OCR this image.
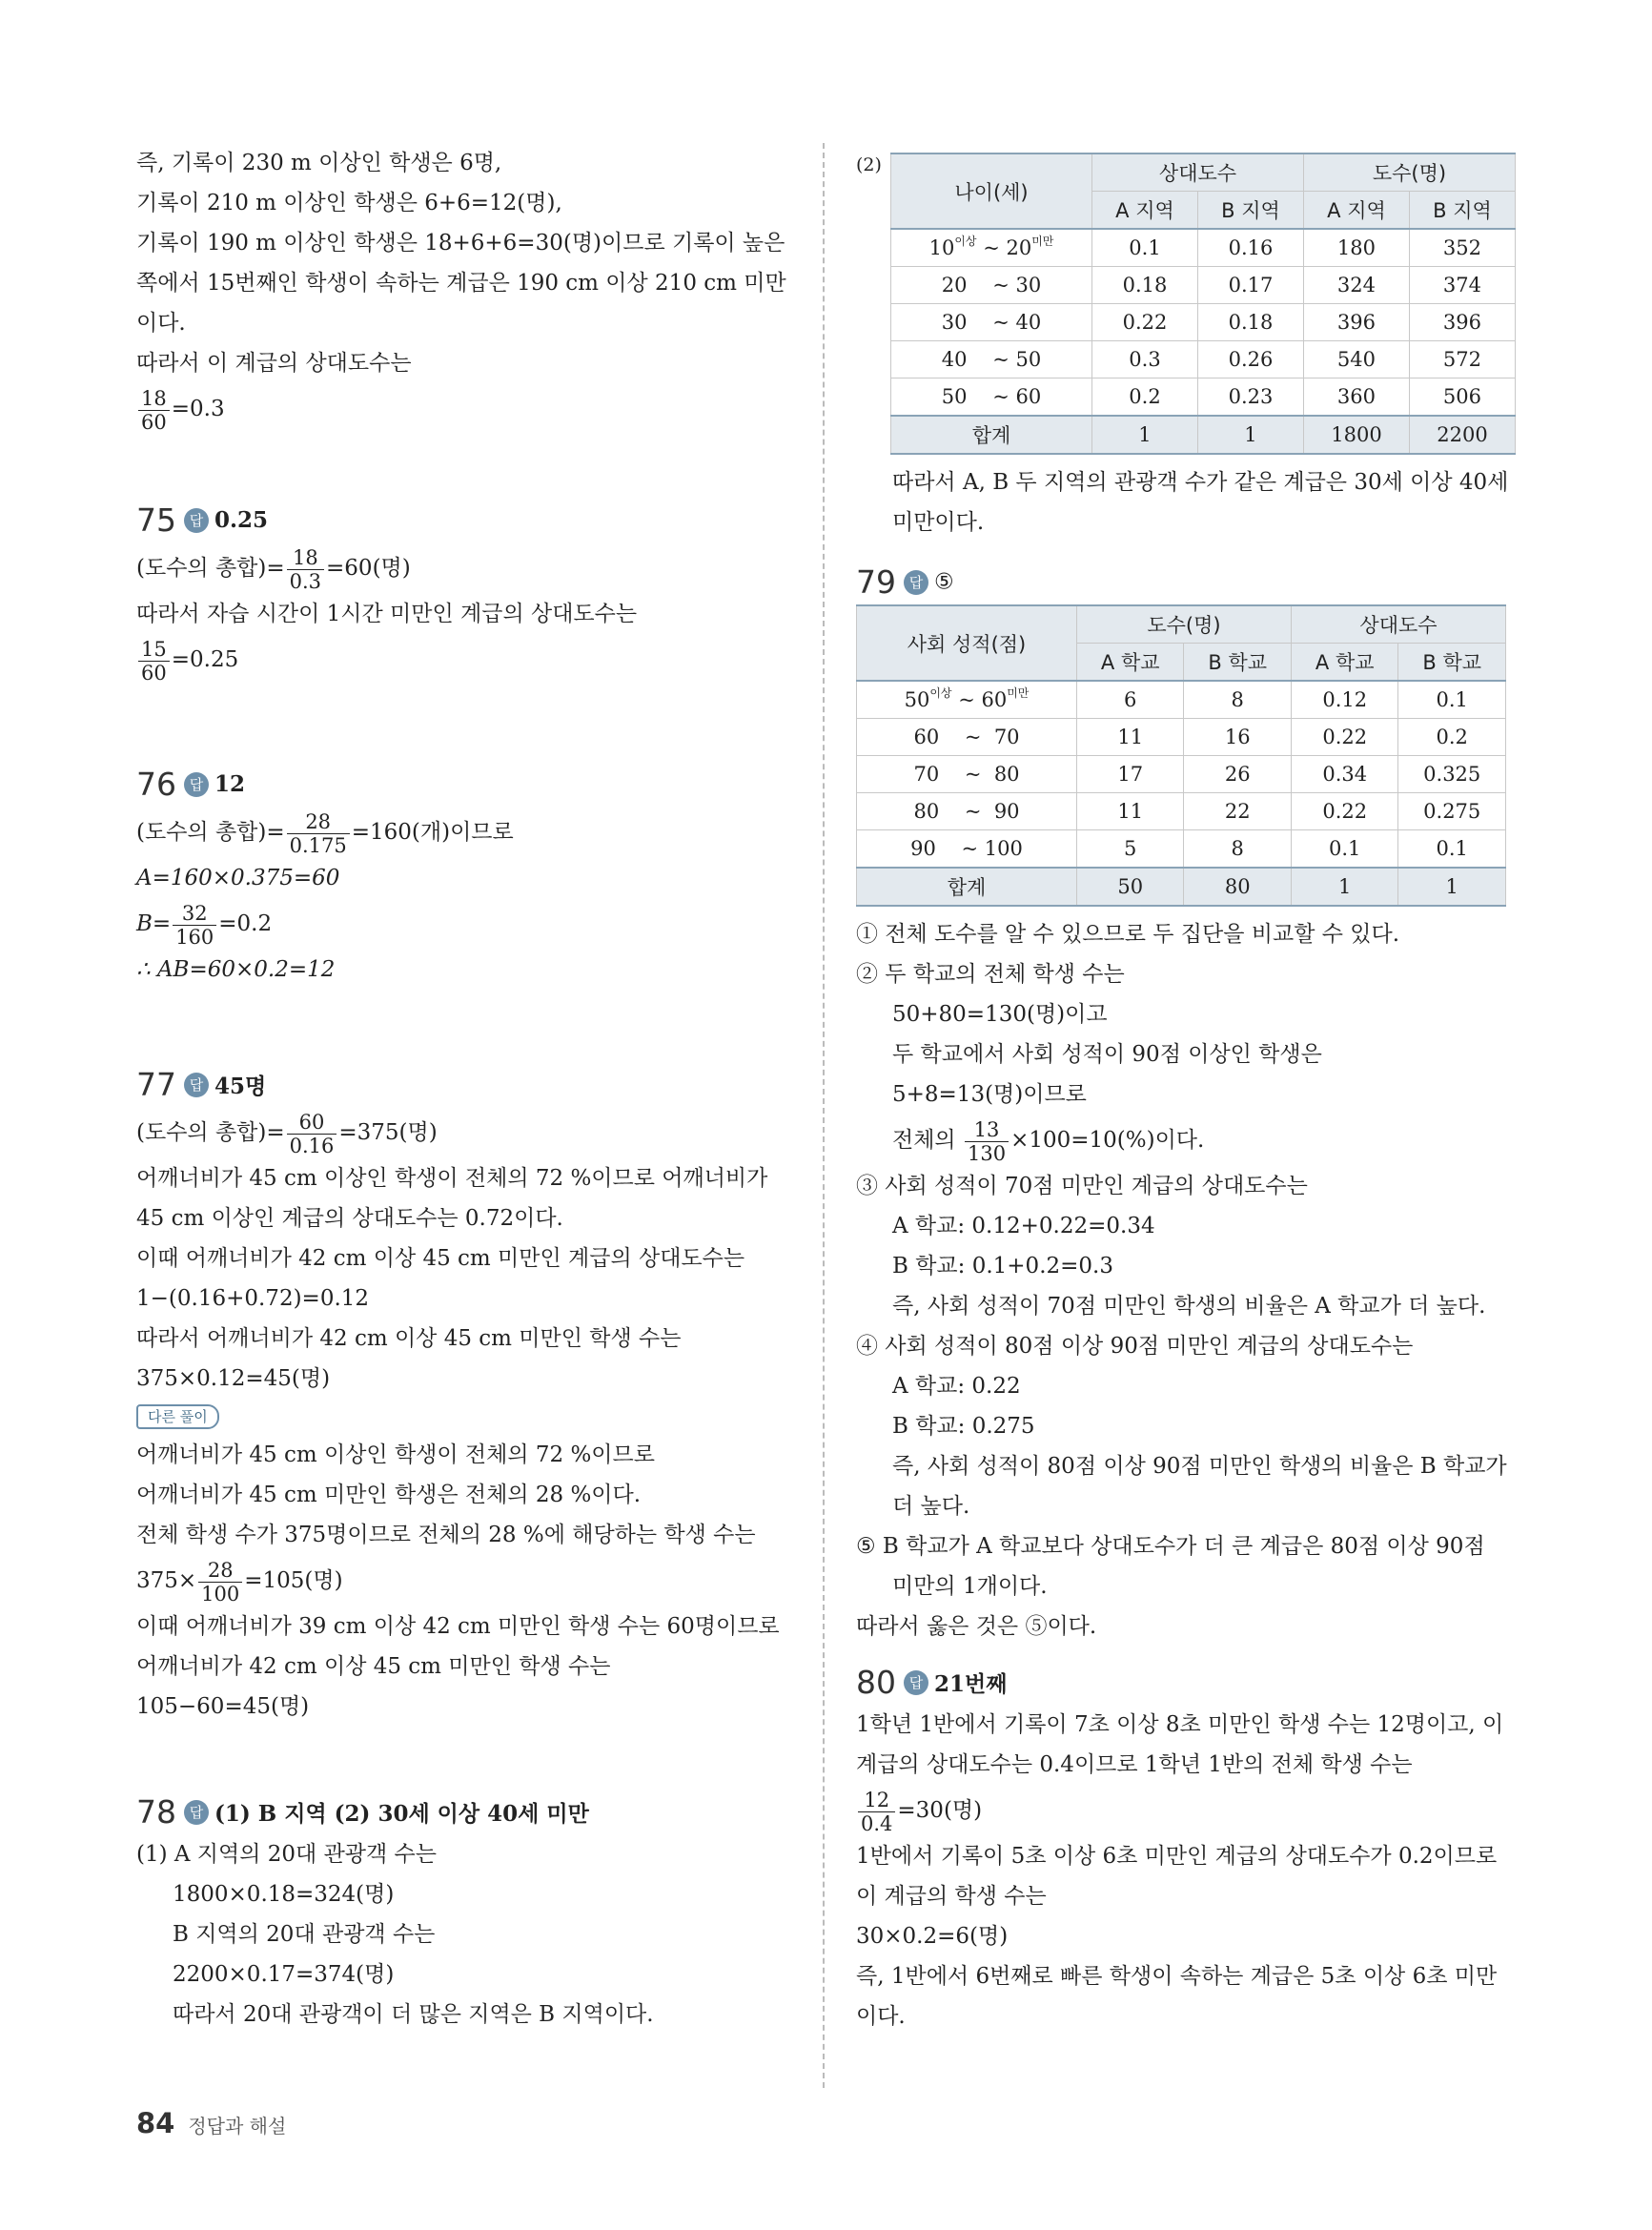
즉, 기록이 230 m 이상인 학생은 6명,
기록이 210 m 이상인 학생은 6+6=12(명),
기록이 190 m 이상인 학생은 18+6+6=30(명)이므로 기록이 높은
쪽에서 15번째인 학생이 속하는 계급은 190 cm 이상 210 cm 미만
이다.
따라서 이 계급의 상대도수는
$\frac{18}{60} =0.3$
75 답 0.25
(도수의 총합)= $\frac{18}{0.3} =60$(명)
따라서 자습 시간이 1시간 미만인 계급의 상대도수는
$\frac{15}{60} =0.25$
76 답 12
(도수의 총합)= $\frac{28}{0.175} =160$(개)이므로
A=160×0.375=60
$B= \frac{32}{160} =0.2$
∴ AB=60×0.2=12
77 답 45명
(도수의 총합)= $\frac{60}{0.16} =375$(명)
어깨너비가 45 cm 이상인 학생이 전체의 72 %이므로 어깨너비가
45 cm 이상인 계급의 상대도수는 0.72이다.
이때 어깨너비가 42 cm 이상 45 cm 미만인 계급의 상대도수는
1−(0.16+0.72)=0.12
따라서 어깨너비가 42 cm 이상 45 cm 미만인 학생 수는
375×0.12=45(명)
다른 풀이
어깨너비가 45 cm 이상인 학생이 전체의 72 %이므로
어깨너비가 45 cm 미만인 학생은 전체의 28 %이다.
전체 학생 수가 375명이므로 전체의 28 %에 해당하는 학생 수는
$375\times \frac{28}{100} =105$(명)
이때 어깨너비가 39 cm 이상 42 cm 미만인 학생 수는 60명이므로
어깨너비가 42 cm 이상 45 cm 미만인 학생 수는
105−60=45(명)
78 답 (1) B 지역 (2) 30세 이상 40세 미만
(1) A 지역의 20대 관광객 수는
1800×0.18=324(명)
B 지역의 20대 관광객 수는
2200×0.17=374(명)
따라서 20대 관광객이 더 많은 지역은 B 지역이다.
(2)
나이(세)	상대도수		도수(명)	
	A 지역	B 지역	A 지역	B 지역
$10^{이상}$ ~ $20^{미만}$	0.1	0.16	180	352
20    ~ 30	0.18	0.17	324	374
30    ~ 40	0.22	0.18	396	396
40    ~ 50	0.3	0.26	540	572
50    ~ 60	0.2	0.23	360	506
합계	1	1	1800	2200
따라서 A, B 두 지역의 관광객 수가 같은 계급은 30세 이상 40세
미만이다.
79 답 ⑤
사회 성적(점)	도수(명)		상대도수	
	A 학교	B 학교	A 학교	B 학교
$50^{이상}$ ~ $60^{미만}$	6	8	0.12	0.1
60    ~  70	11	16	0.22	0.2
70    ~  80	17	26	0.34	0.325
80    ~  90	11	22	0.22	0.275
90    ~ 100	5	8	0.1	0.1
합계	50	80	1	1
① 전체 도수를 알 수 있으므로 두 집단을 비교할 수 있다.
② 두 학교의 전체 학생 수는
50+80=130(명)이고
두 학교에서 사회 성적이 90점 이상인 학생은
5+8=13(명)이므로
전체의 $\frac{13}{130} \times 100=10(\%)$이다.
③ 사회 성적이 70점 미만인 계급의 상대도수는
A 학교: 0.12+0.22=0.34
B 학교: 0.1+0.2=0.3
즉, 사회 성적이 70점 미만인 학생의 비율은 A 학교가 더 높다.
④ 사회 성적이 80점 이상 90점 미만인 계급의 상대도수는
A 학교: 0.22
B 학교: 0.275
즉, 사회 성적이 80점 이상 90점 미만인 학생의 비율은 B 학교가
더 높다.
⑤ B 학교가 A 학교보다 상대도수가 더 큰 계급은 80점 이상 90점
미만의 1개이다.
따라서 옳은 것은 ⑤이다.
80 답 21번째
1학년 1반에서 기록이 7초 이상 8초 미만인 학생 수는 12명이고, 이
계급의 상대도수는 0.4이므로 1학년 1반의 전체 학생 수는
$\frac{12}{0.4} =30$(명)
1반에서 기록이 5초 이상 6초 미만인 계급의 상대도수가 0.2이므로
이 계급의 학생 수는
30×0.2=6(명)
즉, 1반에서 6번째로 빠른 학생이 속하는 계급은 5초 이상 6초 미만
이다.
84 정답과 해설
